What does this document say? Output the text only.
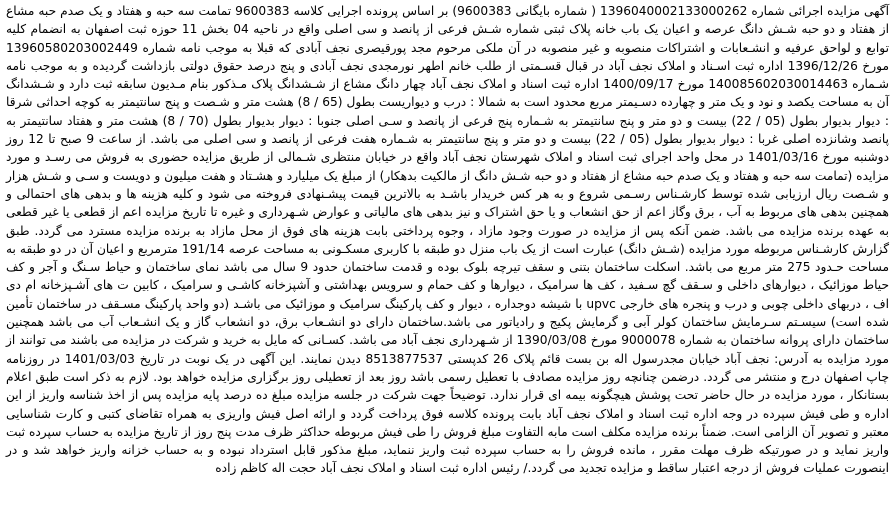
آگهی مزایده اجرائی شماره 1396040002133000262 ( شماره بایگانی 9600383) بر اساس پرونده اجرایی کلاسه 9600383 تمامت سه حبه و هفتاد و یک صدم حبه مشاع از هفتاد و دو حبه شـش دانگ عرصه و اعیان یک باب خانه پلاک ثبتی شماره شـش فرعی از پانصد و سی اصلی واقع در ناحیه 04 بخش 11 حوزه ثبت اصفهان به انضمام کلیه توابع و لواحق عرفیه و انشـعابات و اشتراکات منصوبه و غیر منصوبه در آن ملکی مرحوم مجد پورقیصری نجف آبادی که قبلا به موجب نامه شماره 13960580203002449 مورخ 1396/12/26 اداره ثبت اسـناد و املاک نجف آباد در قبال قسـمتی از طلب خانم اطهر نورمجدی نجف آبادی و پنج درصد حقوق دولتی بازداشت گردیده و به موجب نامه شـماره 140085602030014463 مورخ 1400/09/17 اداره ثبت اسناد و املاک نجف آباد چهار دانگ مشاع از شـشدانگ پلاک مـذکور بنام مـدیون سابقه ثبت دارد و شـشدانگ آن به مساحت یکصد و نود و یک متر و چهارده دسـیمتر مربع محدود است به شمالا : درب و دیواریست بطول (65 / 8) هشت متر و شـصت و پنج سانتیمتر به کوچه احداثی شرقا : دیوار بدیوار بطول (05 / 22) بیست و دو متر و پنج سانتیمتر به شـماره پنج فرعی از پانصد و سـی اصلی جنوبا : دیوار بدیوار بطول (70 / 8) هشت متر و هفتاد سانتیمتر به پانصد وشانزده اصلی غربا : دیوار بدیوار بطول (05 / 22) بیست و دو متر و پنج سانتیمتر به شـماره هفت فرعی از پانصد و سی اصلی می باشد. از ساعت 9 صبح تا 12 روز دوشنبه مورخ 1401/03/16 در محل واحد اجرای ثبت اسناد و املاک شهرستان نجف آباد واقع در خیابان منتظری شـمالی از طریق مزایده حضوری به فروش می رسـد و مورد مزایده (تمامت سه حبه و هفتاد و یک صدم حبه مشاع از هفتاد و دو حبه شـش دانگ از مالکیت بدهکار) از مبلغ یک میلیارد و هشـتاد و هفت میلیون و دویست و سـی و شـش هزار و شـصت ریال ارزیابی شده توسط کارشـناس رسـمی شروع و به هر کس خریدار باشـد به بالاترین قیمت پیشـنهادی فروخته می شود و کلیه هزینه ها و بدهی های احتمالی و همچنین بدهی های مربوط به آب ، برق وگاز اعم از حق انشعاب و یا حق اشتراک و نیز بدهی های مالیاتی و عوارض شـهرداری و غیره تا تاریخ مزایده اعم از قطعی یا غیر قطعی به عهده برنده مزایده می باشد. ضمن آنکه پس از مزایده در صورت وجود مازاد ، وجوه پرداختی بابت هزینه های فوق از محل مازاد به برنده مزایده مسترد می گردد. طبق گزارش کارشـناس مربوطه مورد مزایده (شـش دانگ) عبارت است از یک باب منزل دو طبقه با کاربری مسکـونی به مساحت عرصه 191/14 مترمربع و اعیان آن در دو طبقه به مساحت حـدود 275 متر مربع می باشد. اسکلت ساختمان بتنی و سقف تیرچه بلوک بوده و قدمت ساختمان حدود 9 سال می باشد نمای ساختمان و حیاط سـنگ و آجر و کف حیاط موزائیک ، دیوارهای داخلی و سـقف گچ سـفید ، کف ها سرامیک ، دیوارها و کف حمام و سرویس بهداشتی و آشپزخانه کاشـی و سرامیک ، کابین ت های آشـپزخانه ام دی اف ، دربهای داخلی چوبی و درب و پنجره های خارجی upvc با شیشه دوجداره ، دیوار و کف پارکینگ سرامیک و موزائیک می باشـد (دو واحد پارکینگ مسـقف در ساختمان تأمین شده است) سیسـتم سـرمایش ساختمان کولر آبی و گرمایش پکیج و رادیاتور می باشد.ساختمان دارای دو انشـعاب برق، دو انشعاب گاز و یک انشـعاب آب می باشد همچنین ساختمان دارای پروانه ساختمان به شماره 9000078 مورخ 1390/03/08 از شـهرداری نجف آباد می باشد. کسـانی که مایل به خرید و شرکت در مزایده می باشند می توانند از مورد مزایده به آدرس: نجف آباد خیابان مجدرسول اله بن بست قائم پلاک 26 کدپستی 8513877537 دیدن نمایند. این آگهی در یک نوبت در تاریخ 1401/03/03 در روزنامه چاپ اصفهان درج و منتشر می گردد. درضمن چنانچه روز مزایده مصادف با تعطیل رسمی باشد روز بعد از تعطیلی روز برگزاری مزایده خواهد بود. لازم به ذکر است طبق اعلام بستانکار ، مورد مزایده در حال حاضر تحت پوشش هیچگونه بیمه ای قرار ندارد. توضیحاً جهت شرکت در جلسه مزایده مبلغ ده درصد پایه مزایده پس از اخذ شناسه واریز از این اداره و طی فیش سپرده در وجه اداره ثبت اسناد و املاک نجف آباد بابت پرونده کلاسه فوق پرداخت گردد و ارائه اصل فیش واریزی به همراه تقاضای کتبی و کارت شناسایی معتبر و تصویر آن الزامی است. ضمناً برنده مزایده مکلف است مابه التفاوت مبلغ فروش را طی فیش مربوطه حداکثر ظرف مدت پنج روز از تاریخ مزایده به حساب سپرده ثبت واریز نماید و در صورتیکه ظرف مهلت مقرر ، مانده فروش را به حساب سپرده ثبت واریز ننماید، مبلغ مذکور قابل استرداد نبوده و به حساب خزانه واریز خواهد شد و در اینصورت عملیات فروش از درجه اعتبار ساقط و مزایده تجدید می گردد./ رئیس اداره ثبت اسناد و املاک نجف آباد حجت اله کاظم زاده
